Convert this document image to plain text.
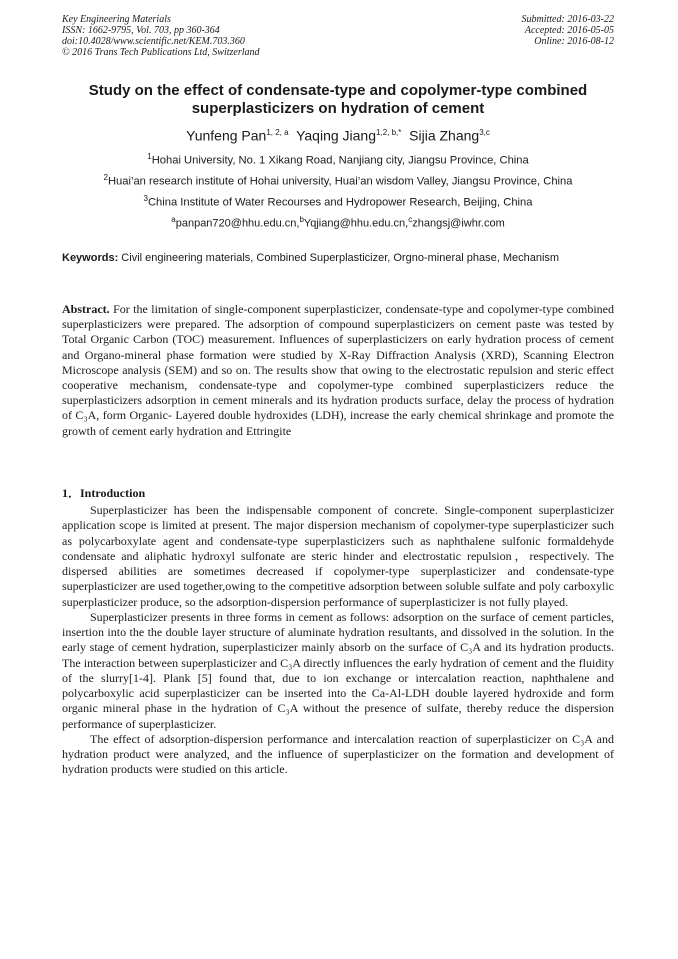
Key Engineering Materials
ISSN: 1662-9795, Vol. 703, pp 360-364
doi:10.4028/www.scientific.net/KEM.703.360
© 2016 Trans Tech Publications Ltd, Switzerland
Submitted: 2016-03-22
Accepted: 2016-05-05
Online: 2016-08-12
Study on the effect of condensate-type and copolymer-type combined superplasticizers on hydration of cement
Yunfeng Pan$^{1, 2, a}$ Yaqing Jiang$^{1,2, b,*}$ Sijia Zhang$^{3,c}$
$^1$Hohai University, No. 1 Xikang Road, Nanjiang city, Jiangsu Province, China
$^2$Huai’an research institute of Hohai university, Huai’an wisdom Valley, Jiangsu Province, China
$^3$China Institute of Water Recourses and Hydropower Research, Beijing, China
$^a$panpan720@hhu.edu.cn,$^b$Yqjiang@hhu.edu.cn,$^c$zhangsj@iwhr.com
Keywords: Civil engineering materials, Combined Superplasticizer, Orgno-mineral phase, Mechanism
Abstract. For the limitation of single-component superplasticizer, condensate-type and copolymer-type combined superplasticizers were prepared. The adsorption of compound superplasticizers on cement paste was tested by Total Organic Carbon (TOC) measurement. Influences of superplasticizers on early hydration process of cement and Organo-mineral phase formation were studied by X-Ray Diffraction Analysis (XRD), Scanning Electron Microscope analysis (SEM) and so on. The results show that owing to the electrostatic repulsion and steric effect cooperative mechanism, condensate-type and copolymer-type combined superplasticizers reduce the superplasticizers adsorption in cement minerals and its hydration products surface, delay the process of hydration of C₃A, form Organic- Layered double hydroxides (LDH), increase the early chemical shrinkage and promote the growth of cement early hydration and Ettringite
1．Introduction

Superplasticizer has been the indispensable component of concrete. Single-component superplasticizer application scope is limited at present. The major dispersion mechanism of copolymer-type superplasticizer such as polycarboxylate agent and condensate-type superplasticizers such as naphthalene sulfonic formaldehyde condensate and aliphatic hydroxyl sulfonate are steric hinder and electrostatic repulsion，respectively. The dispersed abilities are sometimes decreased if copolymer-type superplasticizer and condensate-type superplasticizer are used together,owing to the competitive adsorption between soluble sulfate and poly carboxylic superplasticizer produce, so the adsorption-dispersion performance of superplasticizer is not fully played.

Superplasticizer presents in three forms in cement as follows: adsorption on the surface of cement particles, insertion into the the double layer structure of aluminate hydration resultants, and dissolved in the solution. In the early stage of cement hydration, superplasticizer mainly absorb on the surface of C₃A and its hydration products. The interaction between superplasticizer and C₃A directly influences the early hydration of cement and the fluidity of the slurry[1-4]. Plank [5] found that, due to ion exchange or intercalation reaction, naphthalene and polycarboxylic acid superplasticizer can be inserted into the Ca-Al-LDH double layered hydroxide and form organic mineral phase in the hydration of C₃A without the presence of sulfate, thereby reduce the dispersion performance of superplasticizer.

The effect of adsorption-dispersion performance and intercalation reaction of superplasticizer on C₃A and hydration product were analyzed, and the influence of superplasticizer on the formation and development of hydration products were studied on this article.
